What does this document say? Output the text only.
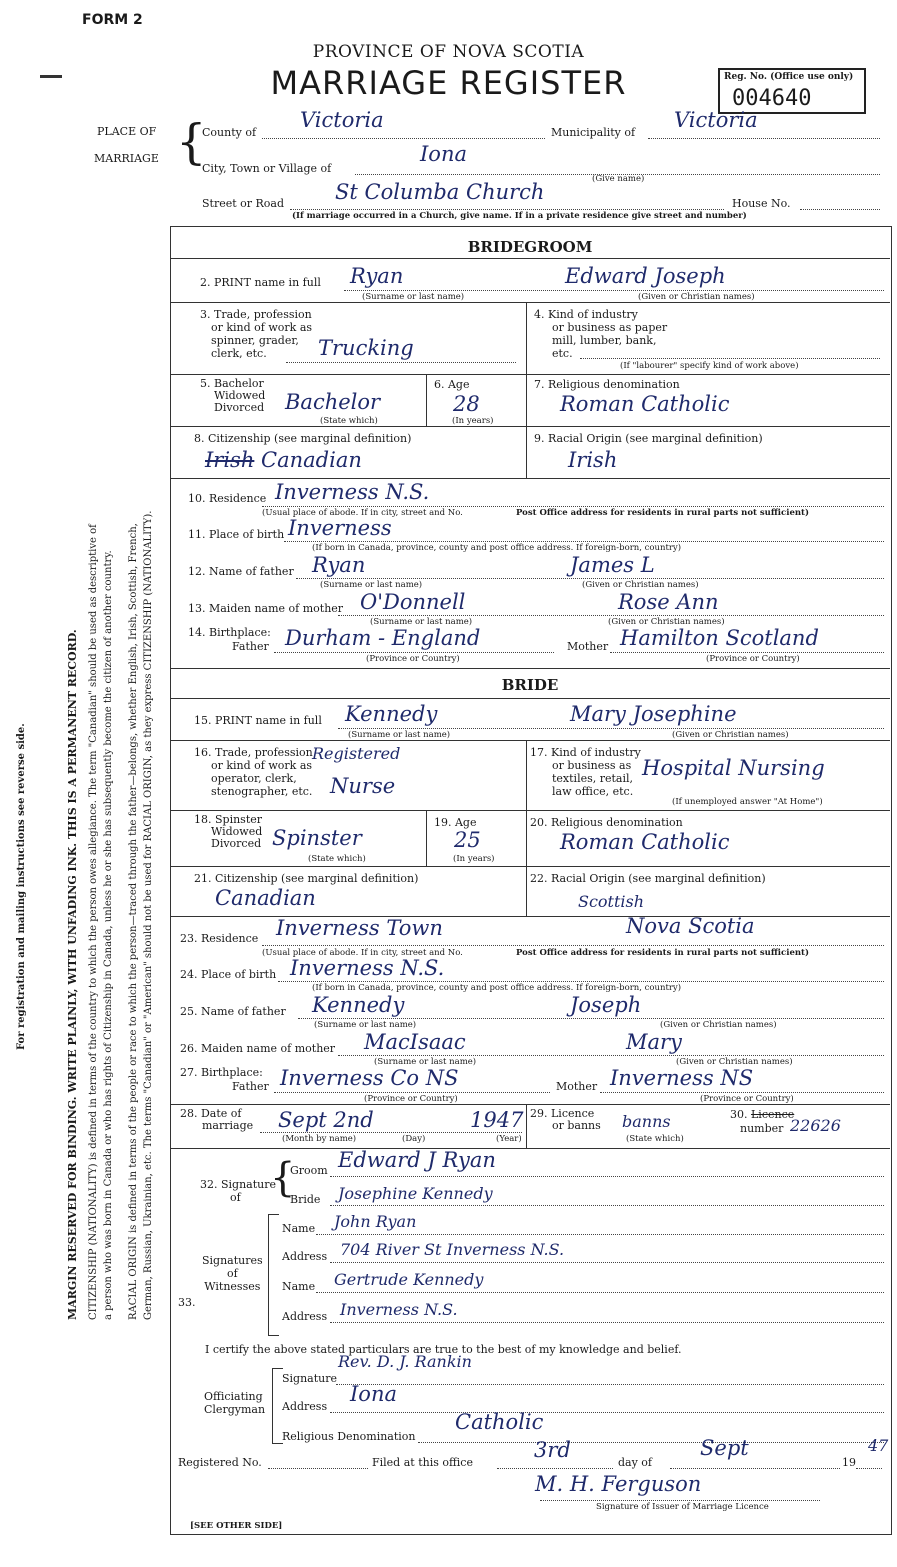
FORM 2
PROVINCE OF NOVA SCOTIA
MARRIAGE REGISTER	Reg. No. (Office use only)
004640
PLACE OF
MARRIAGE {
County of
Victoria
Municipality of
Victoria
City, Town or Village of
Iona
Street or Road St Columba Church
(Give name)
House No.
(If marriage occurred in a Church, give name. If in a private residence give street and number)
For registration and mailing instructions see reverse side.	MARGIN RESERVED FOR BINDING. WRITE PLAINLY, WITH UNFADING INK. THIS IS A PERMANENT RECORD. CITIZENSHIP (NATIONALITY) is defined in terms of the country to which the person owes allegiance. The term "Canadian" should be used as descriptive of a person who was born in Canada or who has rights of Citizenship in Canada, unless he or she has subsequently become the citizen of another country. RACIAL ORIGIN is defined in terms of the people or race to which the person—traced through the father—belongs, whether English, Irish, Scottish, French, German, Russian, Ukrainian, etc. The terms "Canadian" or "American" should not be used for RACIAL ORIGIN, as they express CITIZENSHIP (NATIONALITY).
BRIDEGROOM
2. PRINT name in full Ryan	Edward Joseph
(Surname or last name)	(Given or Christian names)
3. Trade, profession
or kind of work as
spinner, grader,
clerk, etc.	Trucking
4. Kind of industry
or business as paper
mill, lumber, bank,
etc.
(If "labourer" specify kind of work above)
5. Bachelor
Widowed
Divorced Bachelor
(State which)
6. Age
28
(In years)
7. Religious denomination
Roman Catholic
8. Citizenship (see marginal definition)
Irish Canadian
9. Racial Origin (see marginal definition)
Irish
10. Residence Inverness N.S.
(Usual place of abode. If in city, street and No.	Post Office address for residents in rural parts not sufficient)
11. Place of birth Inverness
(If born in Canada, province, county and post office address. If foreign-born, country)
12. Name of father Ryan	James L
(Surname or last name)	(Given or Christian names)
13. Maiden name of mother O'Donnell	Rose Ann
(Surname or last name)	(Given or Christian names)
14. Birthplace:
Father Durham - England	Mother Hamilton Scotland
(Province or Country)	(Province or Country)
BRIDE
15. PRINT name in full Kennedy	Mary Josephine
(Surname or last name)	(Given or Christian names)
16. Trade, profession
or kind of work as
operator, clerk,
stenographer, etc.
Registered
Nurse
17. Kind of industry
or business as
textiles, retail,
law office, etc.
Hospital Nursing
(If unemployed answer "At Home")
18. Spinster
Widowed
Divorced Spinster
(State which)
19. Age
25
(In years)
20. Religious denomination
Roman Catholic
21. Citizenship (see marginal definition)
Canadian
22. Racial Origin (see marginal definition)
Scottish
23. Residence Inverness Town	Nova Scotia
(Usual place of abode. If in city, street and No.	Post Office address for residents in rural parts not sufficient)
24. Place of birth Inverness N.S.
(If born in Canada, province, county and post office address. If foreign-born, country)
25. Name of father Kennedy	Joseph
(Surname or last name)	(Given or Christian names)
26. Maiden name of mother MacIsaac	Mary
(Surname or last name)	(Given or Christian names)
27. Birthplace:
Father Inverness Co NS	Mother Inverness NS
(Province or Country)	(Province or Country)
28. Date of
marriage Sept 2nd	1947
(Month by name)	(Day)	(Year)
29. Licence
or banns banns
(State which)
30. Licence
number 22626
32. Signature
of {
Groom Edward J Ryan
Bride Josephine Kennedy
33.
Signatures
of
Witnesses
Name John Ryan
Address 704 River St Inverness N.S.
Name Gertrude Kennedy
Address Inverness N.S.
I certify the above stated particulars are true to the best of my knowledge and belief.
Officiating
Clergyman
Signature
Rev. D. J. Rankin
Address
Iona
Religious Denomination
Catholic
Registered No.	Filed at this office
3rd
day of
Sept
19
47
M. H. Ferguson
Signature of Issuer of Marriage Licence
[SEE OTHER SIDE]
